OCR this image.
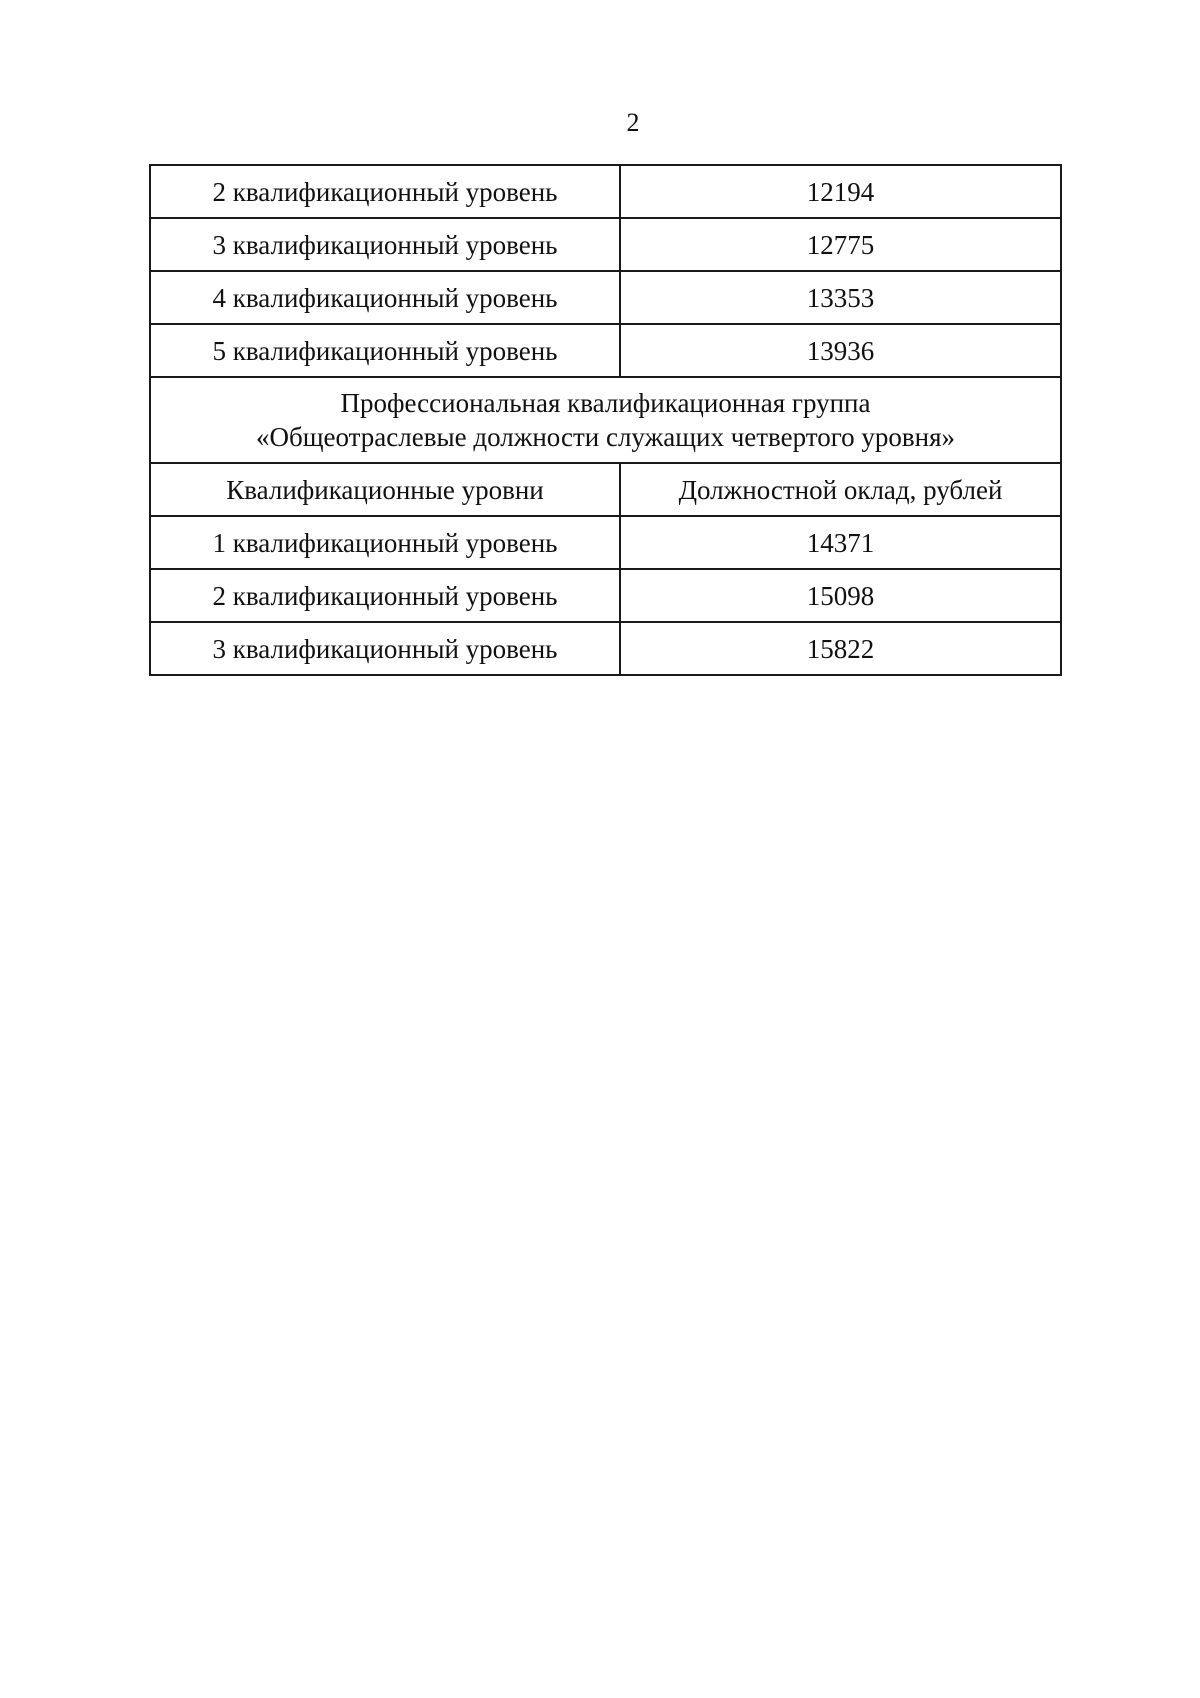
2
2 квалификационный уровень	12194
3 квалификационный уровень	12775
4 квалификационный уровень	13353
5 квалификационный уровень	13936

Профессиональная квалификационная группа
«Общеотраслевые должности служащих четвертого уровня»	

Квалификационные уровни	Должностной оклад, рублей
1 квалификационный уровень	14371
2 квалификационный уровень	15098
3 квалификационный уровень	15822
